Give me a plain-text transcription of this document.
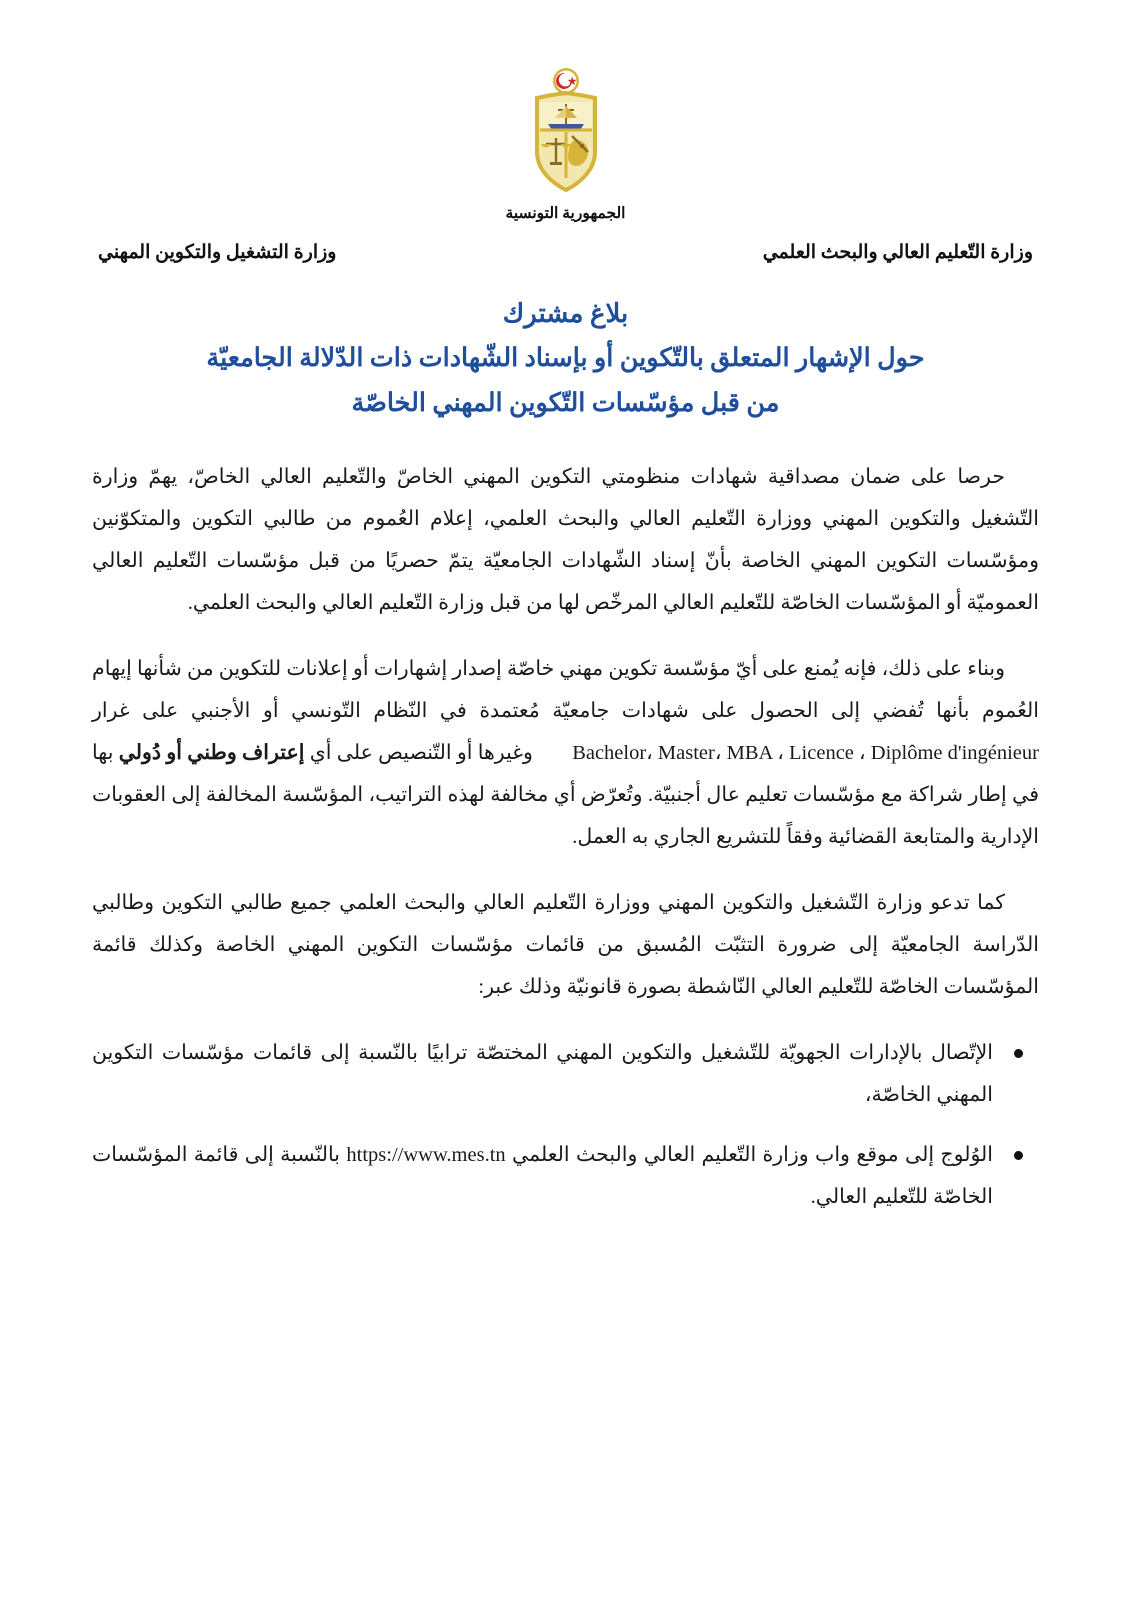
الجمهورية التونسية
وزارة التّعليم العالي والبحث العلمي
وزارة التشغيل والتكوين المهني
بلاغ مشترك
حول الإشهار المتعلق بالتّكوين أو بإسناد الشّهادات ذات الدّلالة الجامعيّة
من قبل مؤسّسات التّكوين المهني الخاصّة

حرصا على ضمان مصداقية شهادات منظومتي التكوين المهني الخاصّ والتّعليم العالي الخاصّ، يهمّ وزارة التّشغيل والتكوين المهني ووزارة التّعليم العالي والبحث العلمي، إعلام العُموم من طالبي التكوين والمتكوّنين ومؤسّسات التكوين المهني الخاصة بأنّ إسناد الشّهادات الجامعيّة يتمّ حصريًا من قبل مؤسّسات التّعليم العالي العموميّة أو المؤسّسات الخاصّة للتّعليم العالي المرخّص لها من قبل وزارة التّعليم العالي والبحث العلمي.

وبناء على ذلك، فإنه يُمنع على أيّ مؤسّسة تكوين مهني خاصّة إصدار إشهارات أو إعلانات للتكوين من شأنها إيهام العُموم بأنها تُفضي إلى الحصول على شهادات جامعيّة مُعتمدة في النّظام التّونسي أو الأجنبي على غرار Bachelor، Master، MBA ، Licence ، Diplôme d'ingénieur وغيرها أو التّنصيص على أي إعتراف وطني أو دُولي بها في إطار شراكة مع مؤسّسات تعليم عال أجنبيّة. وتُعرّض أي مخالفة لهذه التراتيب، المؤسّسة المخالفة إلى العقوبات الإدارية والمتابعة القضائية وفقاً للتشريع الجاري به العمل.

كما تدعو وزارة التّشغيل والتكوين المهني ووزارة التّعليم العالي والبحث العلمي جميع طالبي التكوين وطالبي الدّراسة الجامعيّة إلى ضرورة التثبّت المُسبق من قائمات مؤسّسات التكوين المهني الخاصة وكذلك قائمة المؤسّسات الخاصّة للتّعليم العالي النّاشطة بصورة قانونيّة وذلك عبر:

الإتّصال بالإدارات الجهويّة للتّشغيل والتكوين المهني المختصّة ترابيًا بالنّسبة إلى قائمات مؤسّسات التكوين المهني الخاصّة،
الوُلوج إلى موقع واب وزارة التّعليم العالي والبحث العلمي https://www.mes.tn بالنّسبة إلى قائمة المؤسّسات الخاصّة للتّعليم العالي.
